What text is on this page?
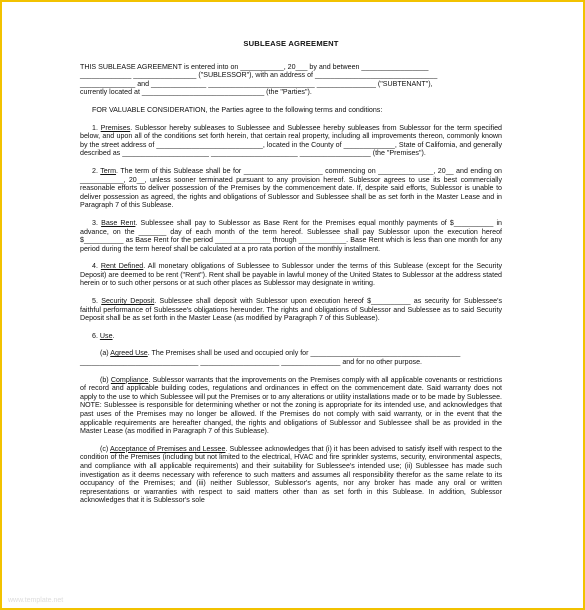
SUBLEASE AGREEMENT
THIS SUBLEASE AGREEMENT is entered into on ___________, 20___ by and between _________________
_____________ ________________ ("SUBLESSOR"), with an address of _______________________________
______________ and ______________ ___________________________ _______________ ("SUBTENANT"),
currently located at _______________________________ (the "Parties").
FOR VALUABLE CONSIDERATION, the Parties agree to the following terms and conditions:
1. Premises. Sublessor hereby subleases to Sublessee and Sublessee hereby subleases from Sublessor for the term specified below, and upon all of the conditions set forth herein, that certain real property, including all improvements thereon, commonly known by the street address of ___________________________, located in the County of _____________, State of California, and generally described as ______________________ ______________________ __________________ (the "Premises").
2. Term. The term of this Sublease shall be for ____________________ commencing on ______________, 20__ and ending on ___________, 20__, unless sooner terminated pursuant to any provision hereof. Sublessor agrees to use its best commercially reasonable efforts to deliver possession of the Premises by the commencement date. If, despite said efforts, Sublessor is unable to deliver possession as agreed, the rights and obligations of Sublessor and Sublessee shall be as set forth in the Master Lease and in Paragraph 7 of this Sublease.
3. Base Rent. Sublessee shall pay to Sublessor as Base Rent for the Premises equal monthly payments of $__________ in advance, on the _______ day of each month of the term hereof. Sublessee shall pay Sublessor upon the execution hereof $__________ as Base Rent for the period ______________ through ____________. Base Rent which is less than one month for any period during the term hereof shall be calculated at a pro rata portion of the monthly installment.
4. Rent Defined. All monetary obligations of Sublessee to Sublessor under the terms of this Sublease (except for the Security Deposit) are deemed to be rent ("Rent"). Rent shall be payable in lawful money of the United States to Sublessor at the address stated herein or to such other persons or at such other places as Sublessor may designate in writing.
5. Security Deposit. Sublessee shall deposit with Sublessor upon execution hereof $__________ as security for Sublessee's faithful performance of Sublessee's obligations hereunder. The rights and obligations of Sublessor and Sublessee as to said Security Deposit shall be as set forth in the Master Lease (as modified by Paragraph 7 of this Sublease).
6. Use.
(a) Agreed Use. The Premises shall be used and occupied only for ______________________________________
______________________________ ____________________ _______________ and for no other purpose.
(b) Compliance. Sublessor warrants that the improvements on the Premises comply with all applicable covenants or restrictions of record and applicable building codes, regulations and ordinances in effect on the commencement date. Said warranty does not apply to the use to which Sublessee will put the Premises or to any alterations or utility installations made or to be made by Sublessee. NOTE: Sublessee is responsible for determining whether or not the zoning is appropriate for its intended use, and acknowledges that past uses of the Premises may no longer be allowed. If the Premises do not comply with said warranty, or in the event that the applicable requirements are hereafter changed, the rights and obligations of Sublessor and Sublessee shall be as provided in the Master Lease (as modified in Paragraph 7 of this Sublease).
(c) Acceptance of Premises and Lessee. Sublessee acknowledges that (i) it has been advised to satisfy itself with respect to the condition of the Premises (including but not limited to the electrical, HVAC and fire sprinkler systems, security, environmental aspects, and compliance with all applicable requirements) and their suitability for Sublessee's intended use; (ii) Sublessee has made such investigation as it deems necessary with reference to such matters and assumes all responsibility therefor as the same relate to its occupancy of the Premises; and (iii) neither Sublessor, Sublessor's agents, nor any broker has made any oral or written representations or warranties with respect to said matters other than as set forth in this Sublease. In addition, Sublessor acknowledges that it is Sublessor's sole
www.template.net
